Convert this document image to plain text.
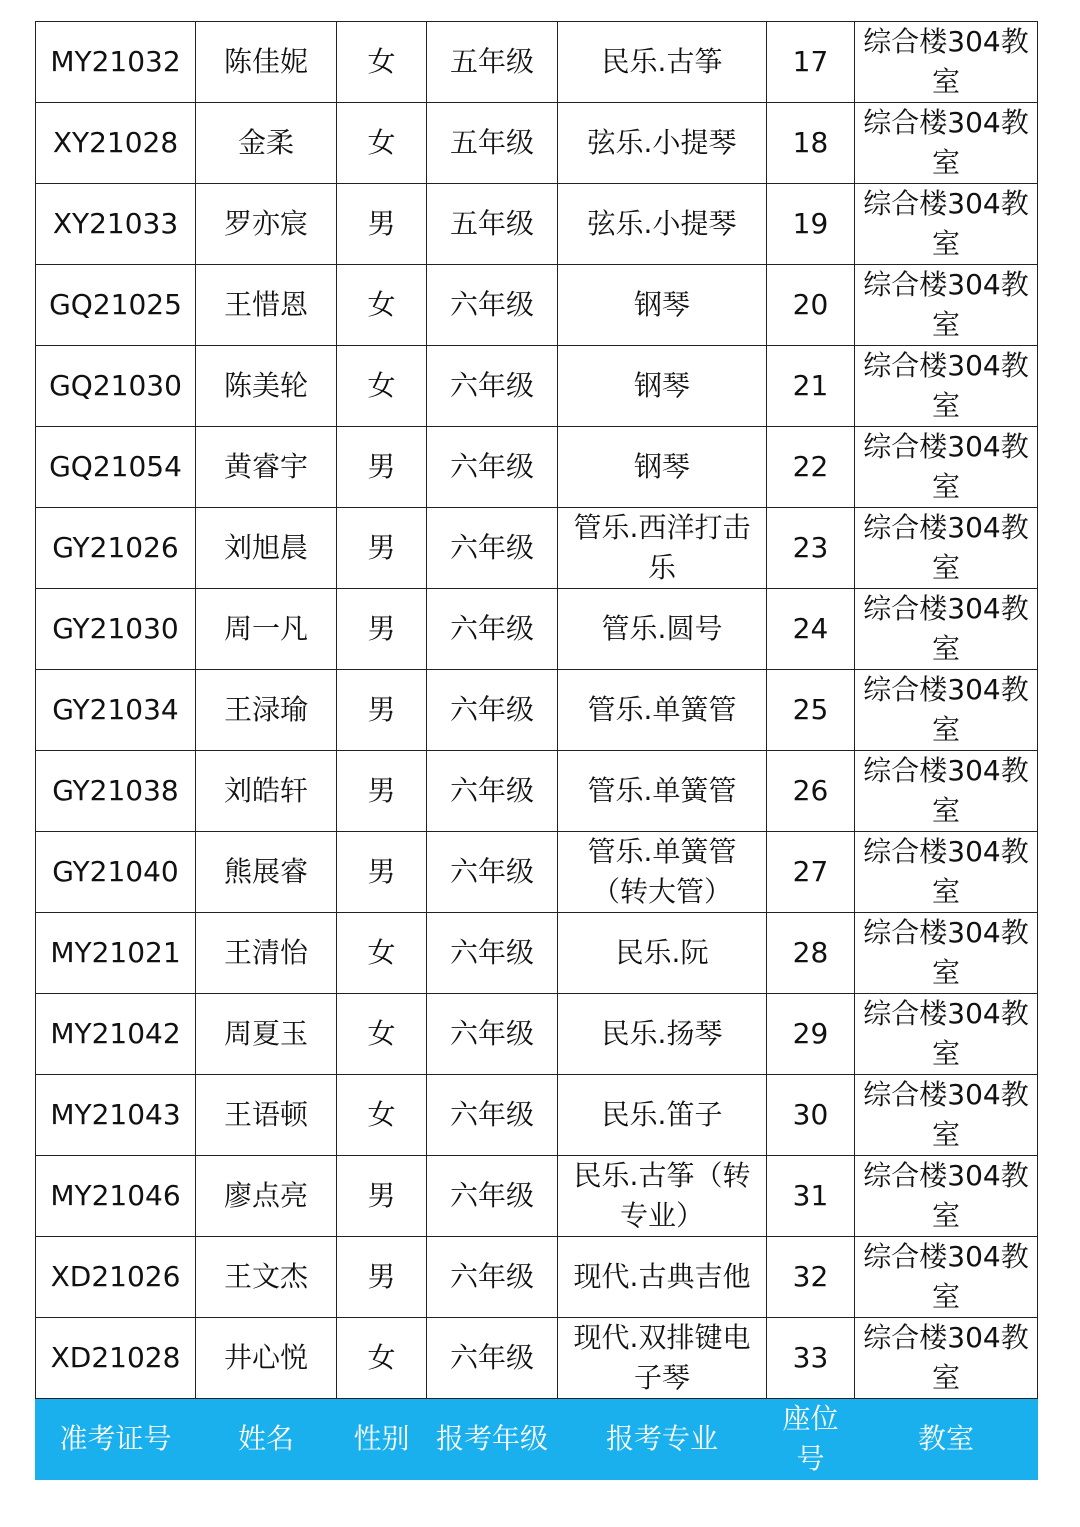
MY21032	陈佳妮	女	五年级	民乐.古筝	17	综合楼304教室
XY21028	金柔	女	五年级	弦乐.小提琴	18	综合楼304教室
XY21033	罗亦宸	男	五年级	弦乐.小提琴	19	综合楼304教室
GQ21025	王惜恩	女	六年级	钢琴	20	综合楼304教室
GQ21030	陈美轮	女	六年级	钢琴	21	综合楼304教室
GQ21054	黄睿宇	男	六年级	钢琴	22	综合楼304教室
GY21026	刘旭晨	男	六年级	管乐.西洋打击乐	23	综合楼304教室
GY21030	周一凡	男	六年级	管乐.圆号	24	综合楼304教室
GY21034	王渌瑜	男	六年级	管乐.单簧管	25	综合楼304教室
GY21038	刘皓轩	男	六年级	管乐.单簧管	26	综合楼304教室
GY21040	熊展睿	男	六年级	管乐.单簧管（转大管）	27	综合楼304教室
MY21021	王清怡	女	六年级	民乐.阮	28	综合楼304教室
MY21042	周夏玉	女	六年级	民乐.扬琴	29	综合楼304教室
MY21043	王语顿	女	六年级	民乐.笛子	30	综合楼304教室
MY21046	廖点亮	男	六年级	民乐.古筝（转专业）	31	综合楼304教室
XD21026	王文杰	男	六年级	现代.古典吉他	32	综合楼304教室
XD21028	井心悦	女	六年级	现代.双排键电子琴	33	综合楼304教室
准考证号	姓名	性别	报考年级	报考专业	座位号	教室
